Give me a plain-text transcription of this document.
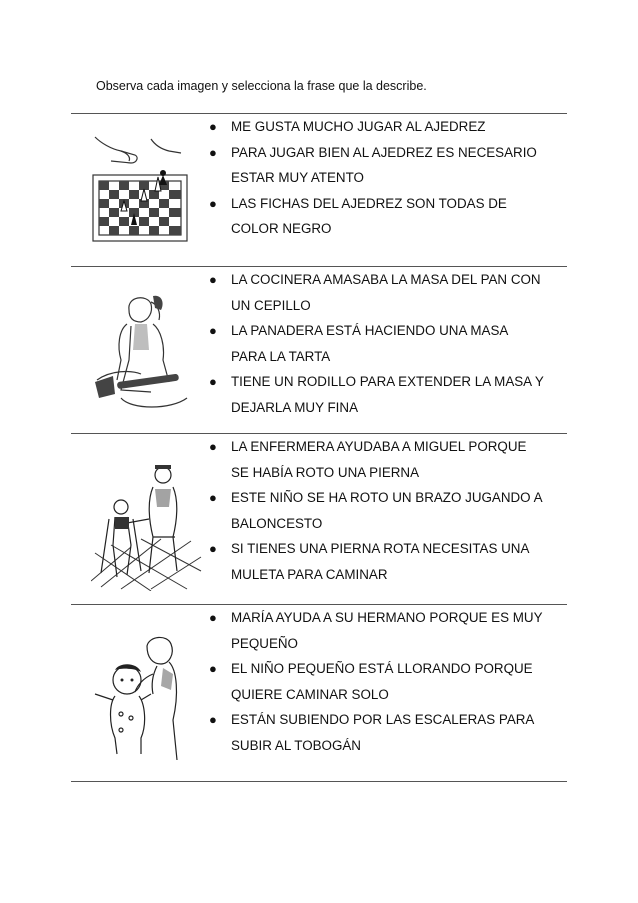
Observa cada imagen y selecciona la frase que la describe.
● ME GUSTA MUCHO JUGAR AL AJEDREZ
● PARA JUGAR BIEN AL AJEDREZ ES NECESARIO
ESTAR MUY ATENTO
● LAS FICHAS DEL AJEDREZ SON TODAS DE
COLOR NEGRO
● LA COCINERA AMASABA LA MASA DEL PAN CON
UN CEPILLO
● LA PANADERA ESTÁ HACIENDO UNA MASA
PARA LA TARTA
● TIENE UN RODILLO PARA EXTENDER LA MASA Y
DEJARLA MUY FINA
● LA ENFERMERA AYUDABA A MIGUEL PORQUE
SE HABÍA ROTO UNA PIERNA
● ESTE NIÑO SE HA ROTO UN BRAZO JUGANDO A
BALONCESTO
● SI TIENES UNA PIERNA ROTA NECESITAS UNA
MULETA PARA CAMINAR
● MARÍA AYUDA A SU HERMANO PORQUE ES MUY
PEQUEÑO
● EL NIÑO PEQUEÑO ESTÁ LLORANDO PORQUE
QUIERE CAMINAR SOLO
● ESTÁN SUBIENDO POR LAS ESCALERAS PARA
SUBIR AL TOBOGÁN
